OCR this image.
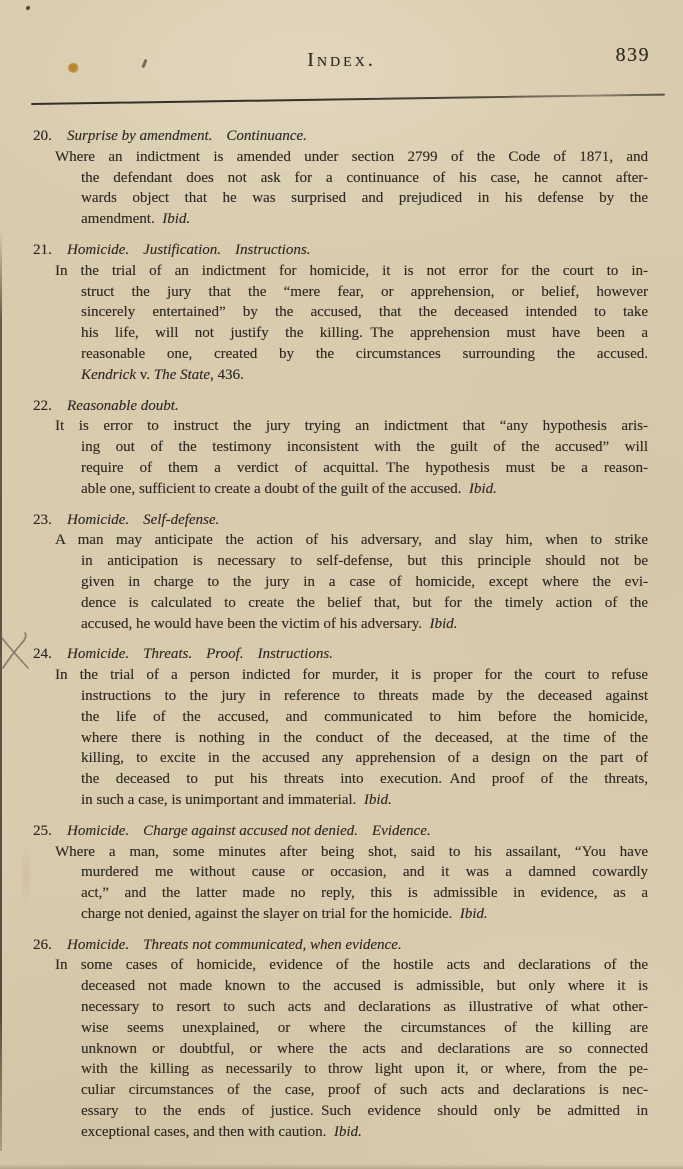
Index.	839
20. Surprise by amendment. Continuance.
Where an indictment is amended under section 2799 of the Code of 1871, and
the defendant does not ask for a continuance of his case, he cannot after-
wards object that he was surprised and prejudiced in his defense by the
amendment. Ibid.
21. Homicide. Justification. Instructions.
In the trial of an indictment for homicide, it is not error for the court to in-
struct the jury that the “mere fear, or apprehension, or belief, however
sincerely entertained” by the accused, that the deceased intended to take
his life, will not justify the killing. The apprehension must have been a
reasonable one, created by the circumstances surrounding the accused.
Kendrick v. The State, 436.
22. Reasonable doubt.
It is error to instruct the jury trying an indictment that “any hypothesis aris-
ing out of the testimony inconsistent with the guilt of the accused” will
require of them a verdict of acquittal. The hypothesis must be a reason-
able one, sufficient to create a doubt of the guilt of the accused. Ibid.
23. Homicide. Self-defense.
A man may anticipate the action of his adversary, and slay him, when to strike
in anticipation is necessary to self-defense, but this principle should not be
given in charge to the jury in a case of homicide, except where the evi-
dence is calculated to create the belief that, but for the timely action of the
accused, he would have been the victim of his adversary. Ibid.
24. Homicide. Threats. Proof. Instructions.
In the trial of a person indicted for murder, it is proper for the court to refuse
instructions to the jury in reference to threats made by the deceased against
the life of the accused, and communicated to him before the homicide,
where there is nothing in the conduct of the deceased, at the time of the
killing, to excite in the accused any apprehension of a design on the part of
the deceased to put his threats into execution. And proof of the threats,
in such a case, is unimportant and immaterial. Ibid.
25. Homicide. Charge against accused not denied. Evidence.
Where a man, some minutes after being shot, said to his assailant, “You have
murdered me without cause or occasion, and it was a damned cowardly
act,” and the latter made no reply, this is admissible in evidence, as a
charge not denied, against the slayer on trial for the homicide. Ibid.
26. Homicide. Threats not communicated, when evidence.
In some cases of homicide, evidence of the hostile acts and declarations of the
deceased not made known to the accused is admissible, but only where it is
necessary to resort to such acts and declarations as illustrative of what other-
wise seems unexplained, or where the circumstances of the killing are
unknown or doubtful, or where the acts and declarations are so connected
with the killing as necessarily to throw light upon it, or where, from the pe-
culiar circumstances of the case, proof of such acts and declarations is nec-
essary to the ends of justice. Such evidence should only be admitted in
exceptional cases, and then with caution. Ibid.
